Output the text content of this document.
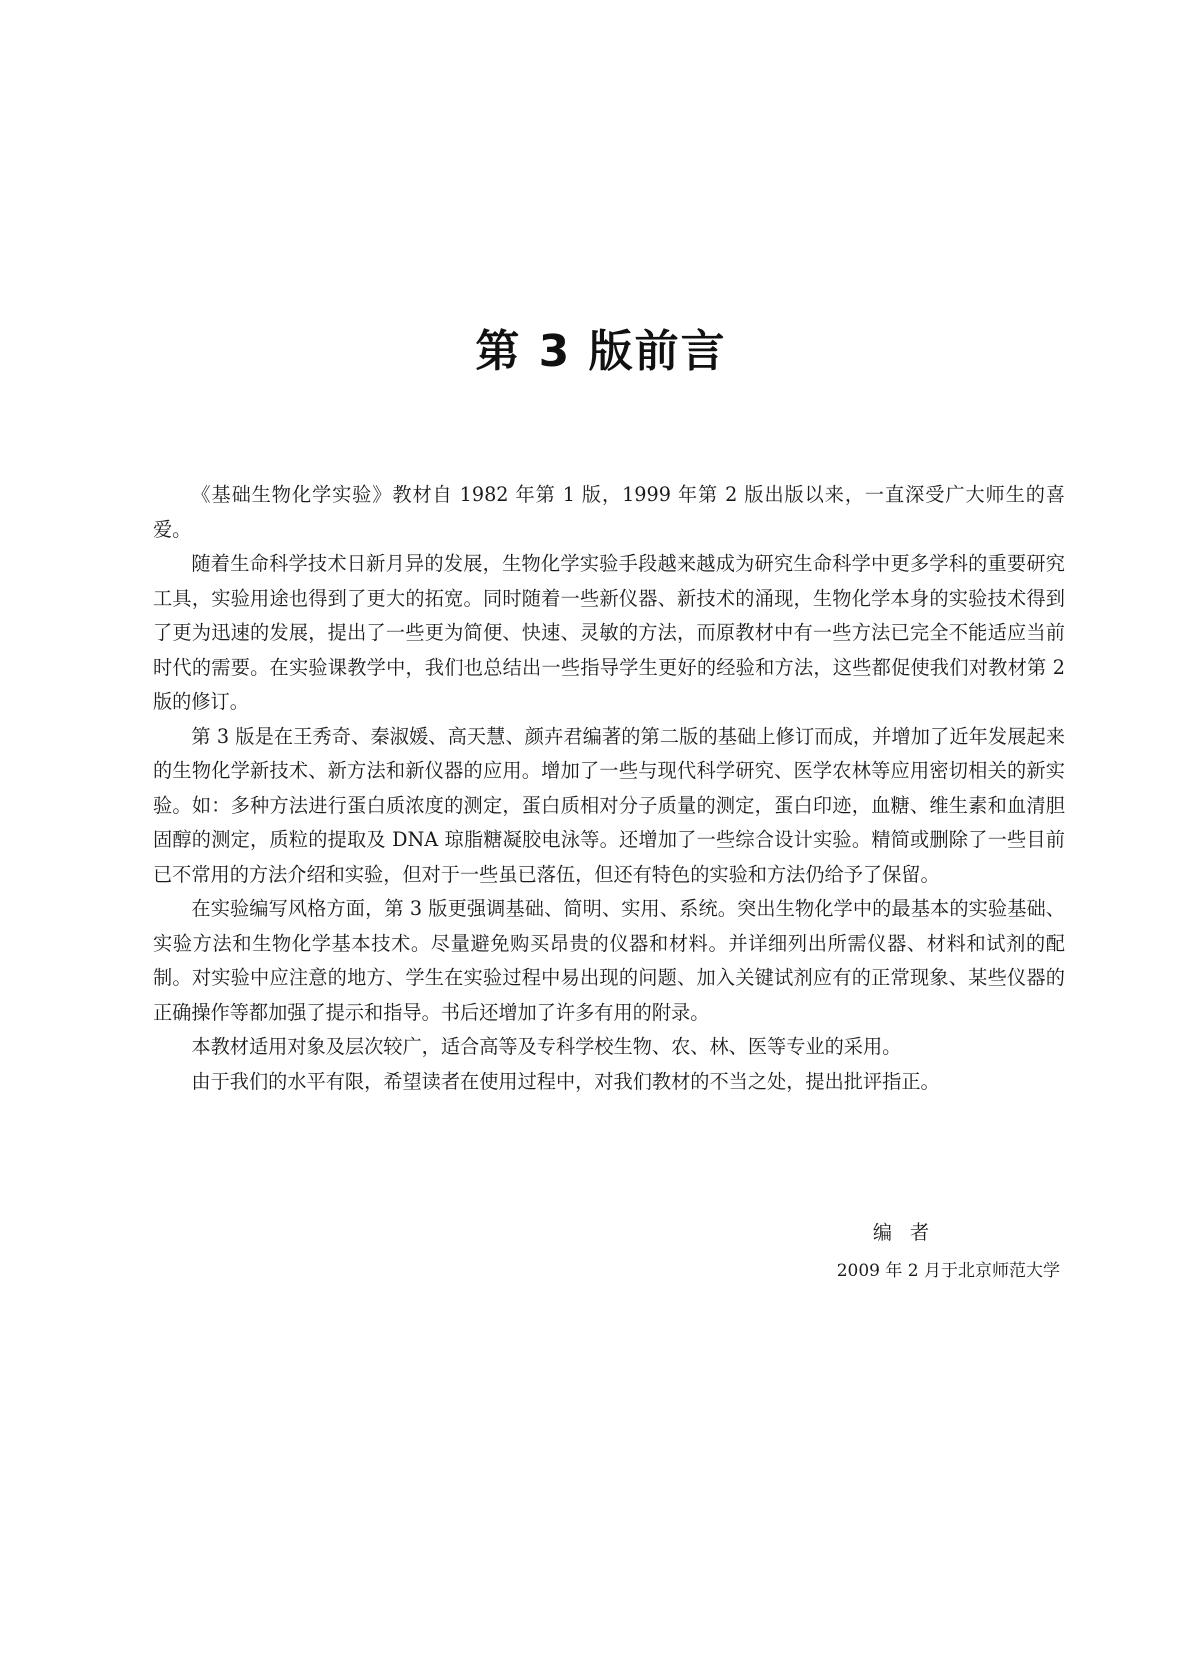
第 3 版前言

《基础生物化学实验》教材自 1982 年第 1 版，1999 年第 2 版出版以来，一直深受广大师生的喜爱。

随着生命科学技术日新月异的发展，生物化学实验手段越来越成为研究生命科学中更多学科的重要研究工具，实验用途也得到了更大的拓宽。同时随着一些新仪器、新技术的涌现，生物化学本身的实验技术得到了更为迅速的发展，提出了一些更为简便、快速、灵敏的方法，而原教材中有一些方法已完全不能适应当前时代的需要。在实验课教学中，我们也总结出一些指导学生更好的经验和方法，这些都促使我们对教材第 2 版的修订。

第 3 版是在王秀奇、秦淑媛、高天慧、颜卉君编著的第二版的基础上修订而成，并增加了近年发展起来的生物化学新技术、新方法和新仪器的应用。增加了一些与现代科学研究、医学农林等应用密切相关的新实验。如：多种方法进行蛋白质浓度的测定，蛋白质相对分子质量的测定，蛋白印迹，血糖、维生素和血清胆固醇的测定，质粒的提取及 DNA 琼脂糖凝胶电泳等。还增加了一些综合设计实验。精简或删除了一些目前已不常用的方法介绍和实验，但对于一些虽已落伍，但还有特色的实验和方法仍给予了保留。

在实验编写风格方面，第 3 版更强调基础、简明、实用、系统。突出生物化学中的最基本的实验基础、实验方法和生物化学基本技术。尽量避免购买昂贵的仪器和材料。并详细列出所需仪器、材料和试剂的配制。对实验中应注意的地方、学生在实验过程中易出现的问题、加入关键试剂应有的正常现象、某些仪器的正确操作等都加强了提示和指导。书后还增加了许多有用的附录。

本教材适用对象及层次较广，适合高等及专科学校生物、农、林、医等专业的采用。

由于我们的水平有限，希望读者在使用过程中，对我们教材的不当之处，提出批评指正。

编者
2009 年 2 月于北京师范大学
